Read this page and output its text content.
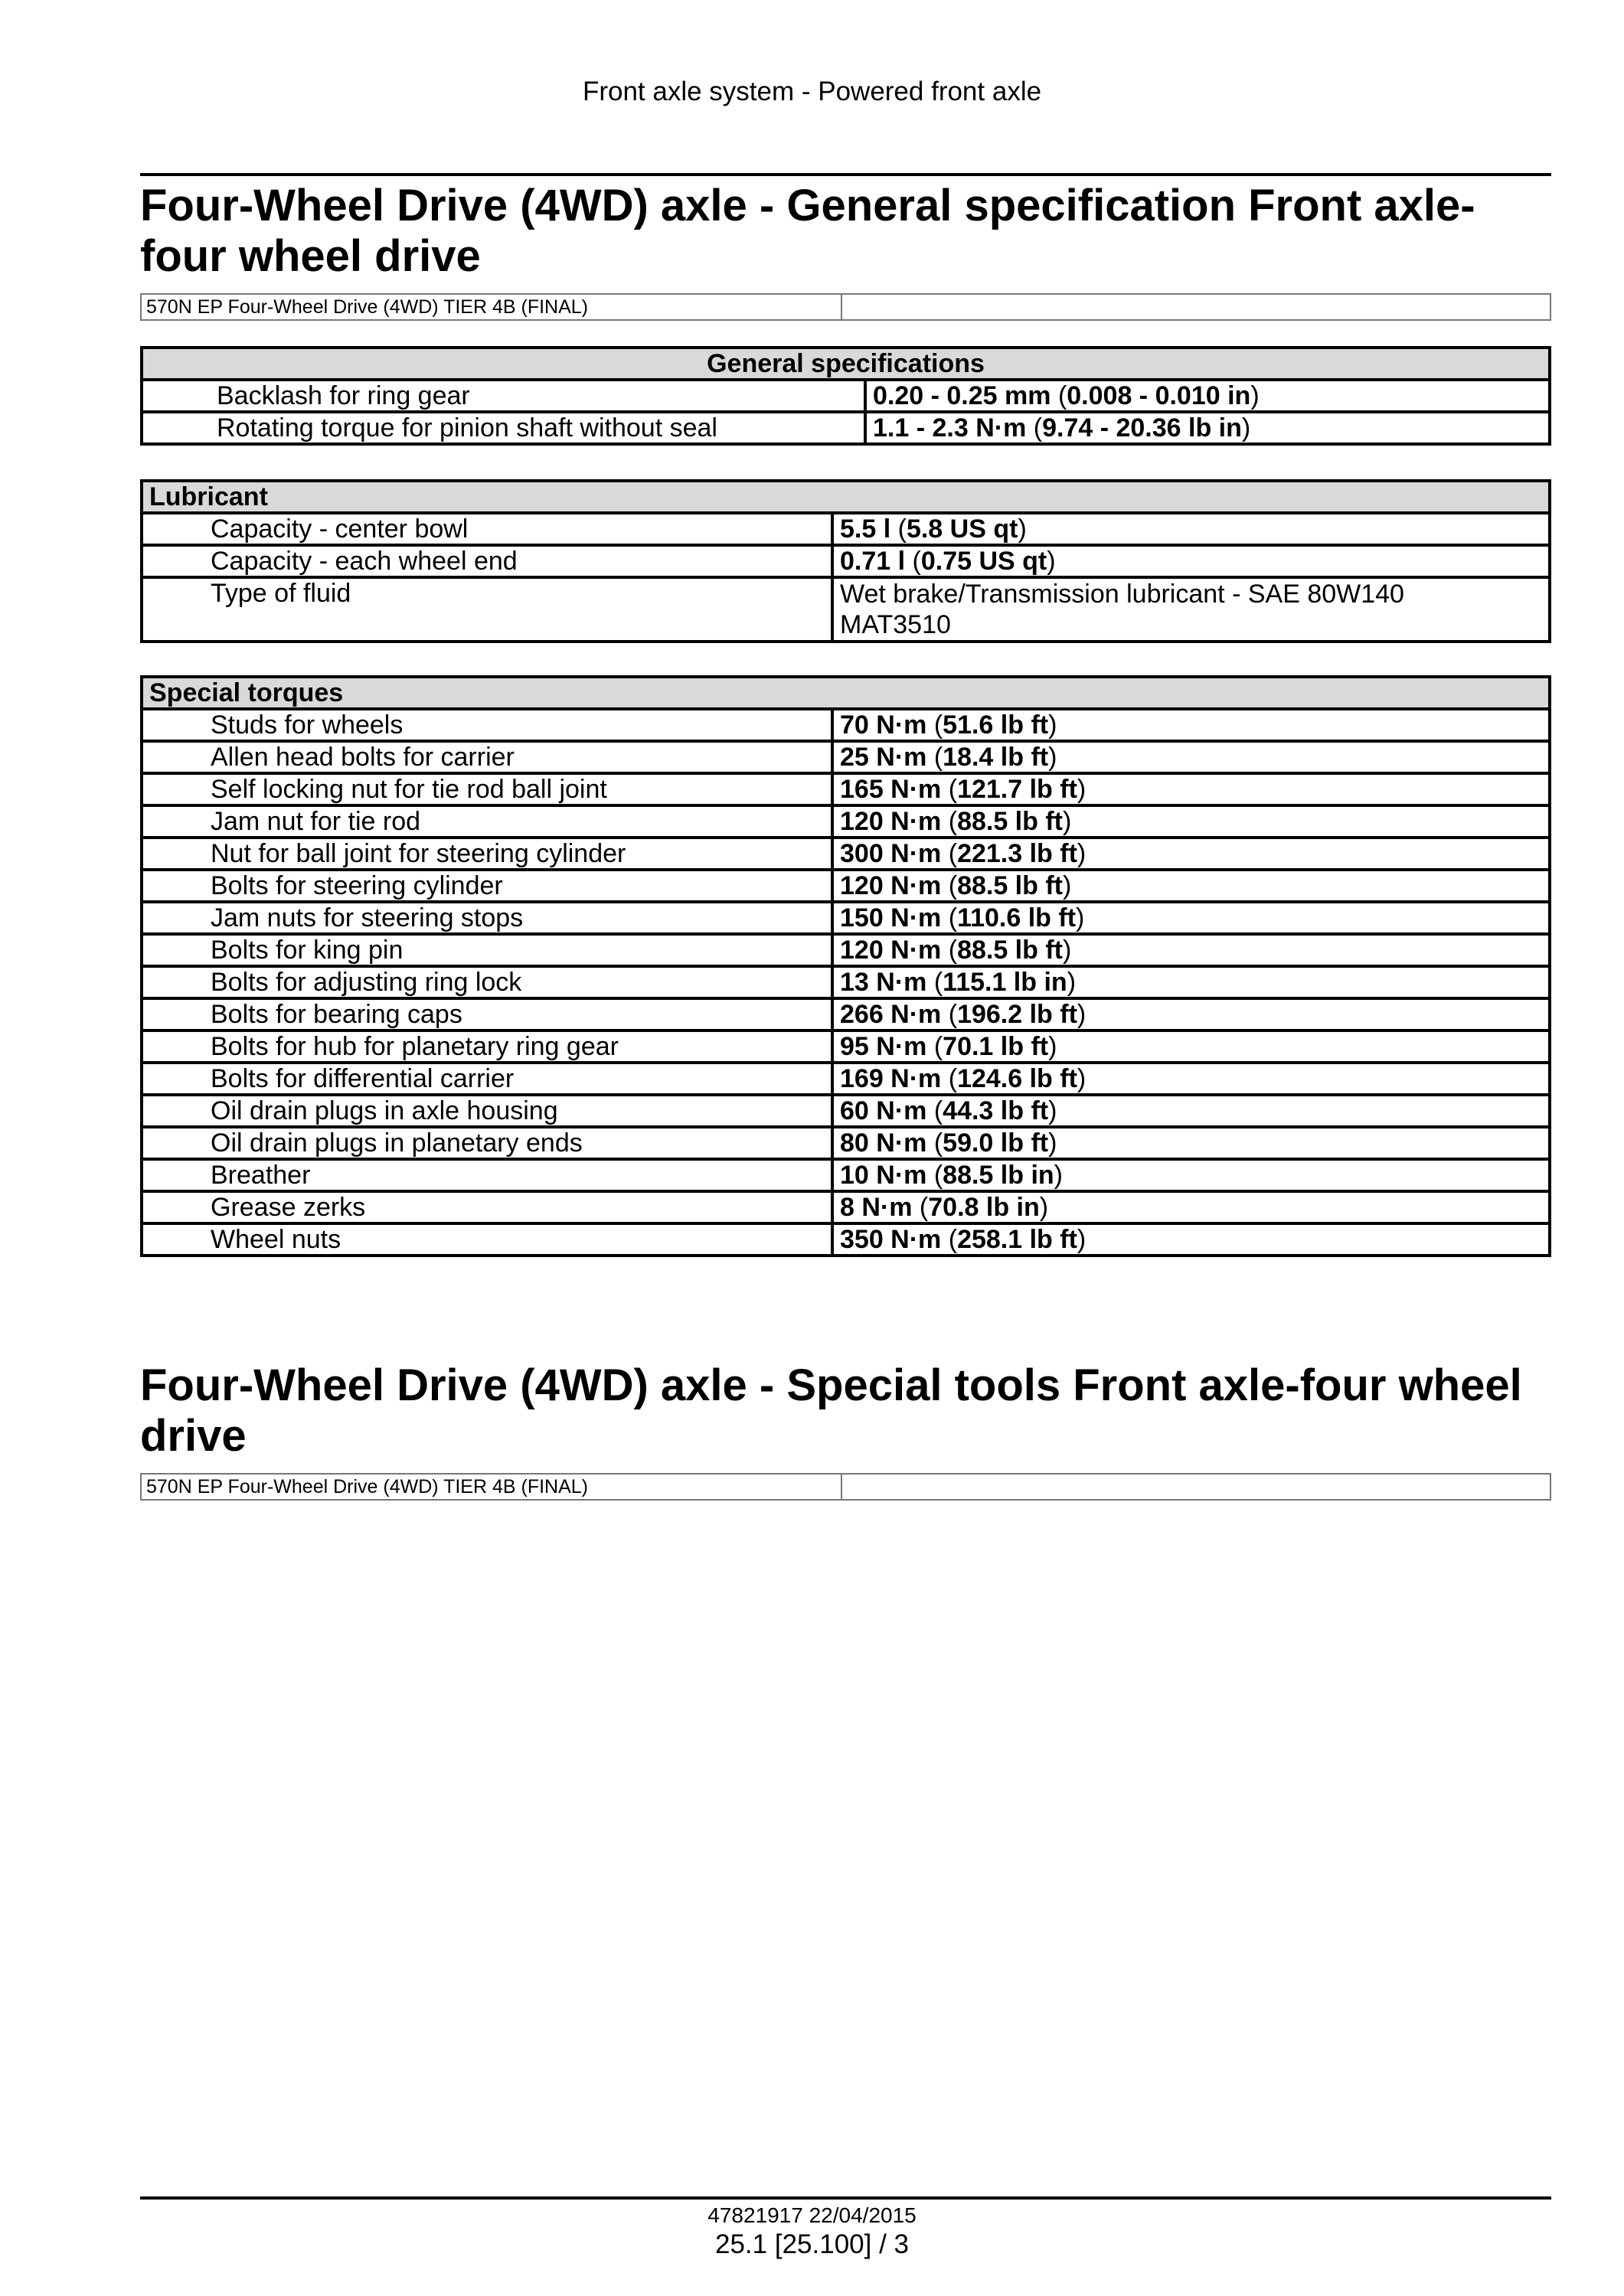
Front axle system - Powered front axle
Four-Wheel Drive (4WD) axle - General specification Front axle-four wheel drive
570N EP Four-Wheel Drive (4WD) TIER 4B (FINAL)
General specifications	
Backlash for ring gear	0.20 - 0.25 mm (0.008 - 0.010 in)
Rotating torque for pinion shaft without seal	1.1 - 2.3 N·m (9.74 - 20.36 lb in)
Lubricant	
Capacity - center bowl	5.5 l (5.8 US qt)
Capacity - each wheel end	0.71 l (0.75 US qt)
Type of fluid	Wet brake/Transmission lubricant - SAE 80W140
MAT3510
Special torques	
Studs for wheels	70 N·m (51.6 lb ft)
Allen head bolts for carrier	25 N·m (18.4 lb ft)
Self locking nut for tie rod ball joint	165 N·m (121.7 lb ft)
Jam nut for tie rod	120 N·m (88.5 lb ft)
Nut for ball joint for steering cylinder	300 N·m (221.3 lb ft)
Bolts for steering cylinder	120 N·m (88.5 lb ft)
Jam nuts for steering stops	150 N·m (110.6 lb ft)
Bolts for king pin	120 N·m (88.5 lb ft)
Bolts for adjusting ring lock	13 N·m (115.1 lb in)
Bolts for bearing caps	266 N·m (196.2 lb ft)
Bolts for hub for planetary ring gear	95 N·m (70.1 lb ft)
Bolts for differential carrier	169 N·m (124.6 lb ft)
Oil drain plugs in axle housing	60 N·m (44.3 lb ft)
Oil drain plugs in planetary ends	80 N·m (59.0 lb ft)
Breather	10 N·m (88.5 lb in)
Grease zerks	8 N·m (70.8 lb in)
Wheel nuts	350 N·m (258.1 lb ft)
Four-Wheel Drive (4WD) axle - Special tools Front axle-four wheel drive
570N EP Four-Wheel Drive (4WD) TIER 4B (FINAL)
47821917 22/04/2015
25.1 [25.100] / 3
